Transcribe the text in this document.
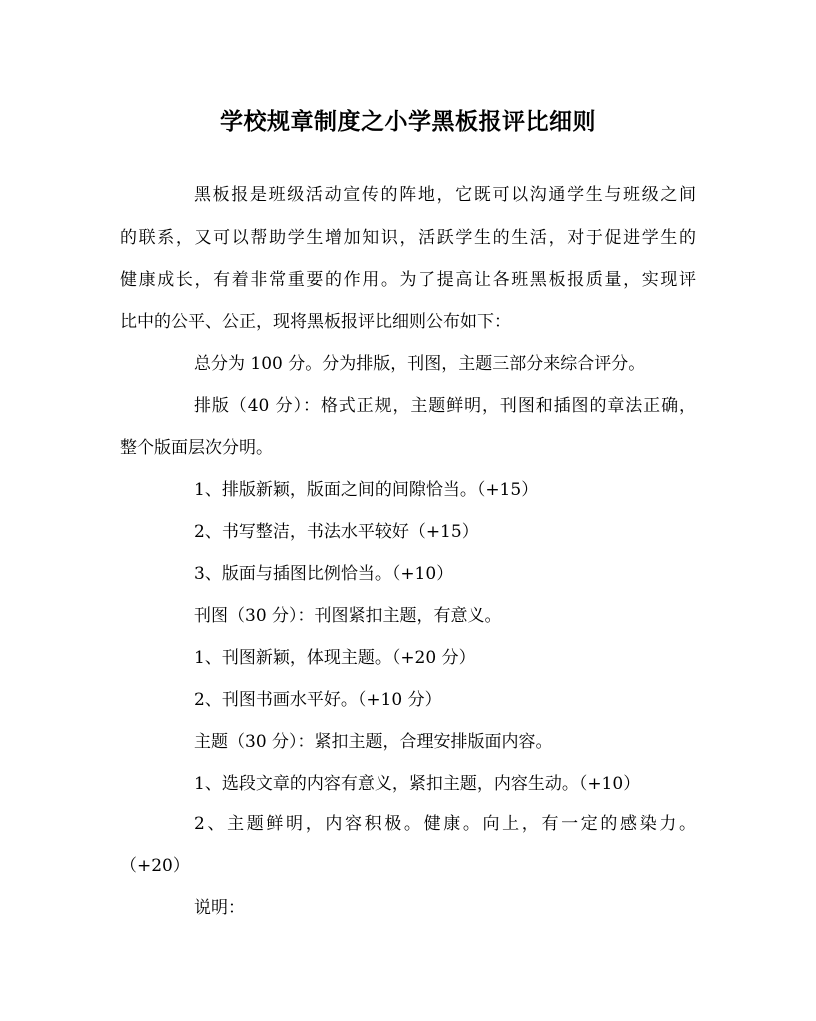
学校规章制度之小学黑板报评比细则
黑板报是班级活动宣传的阵地，它既可以沟通学生与班级之间
的联系，又可以帮助学生增加知识，活跃学生的生活，对于促进学生的
健康成长，有着非常重要的作用。为了提高让各班黑板报质量，实现评
比中的公平、公正，现将黑板报评比细则公布如下：
总分为 100 分。分为排版，刊图，主题三部分来综合评分。
排版（40 分）：格式正规，主题鲜明，刊图和插图的章法正确，
整个版面层次分明。
1、排版新颖，版面之间的间隙恰当。（+15）
2、书写整洁，书法水平较好（+15）
3、版面与插图比例恰当。（+10）
刊图（30 分）：刊图紧扣主题，有意义。
1、刊图新颖，体现主题。（+20 分）
2、刊图书画水平好。（+10 分）
主题（30 分）：紧扣主题，合理安排版面内容。
1、选段文章的内容有意义，紧扣主题，内容生动。（+10）
2、主题鲜明，内容积极。健康。向上，有一定的感染力。
（+20）
说明：
